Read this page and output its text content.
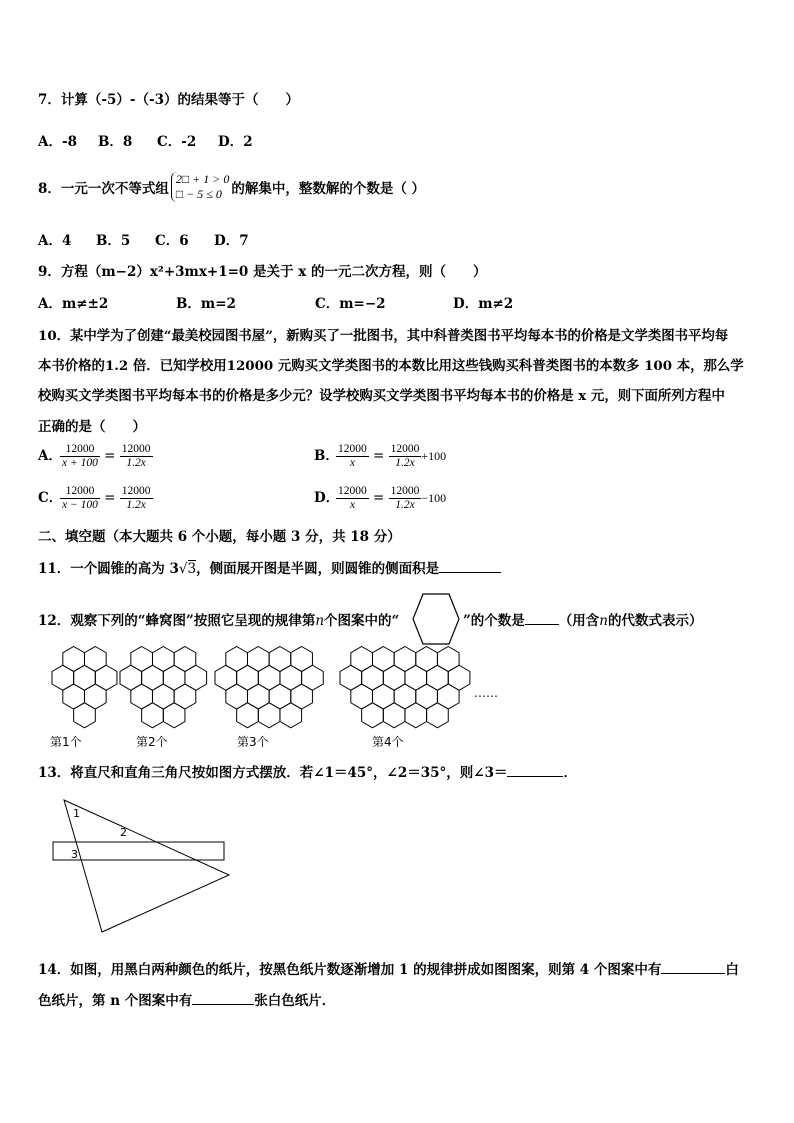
7．计算（-5）-（-3）的结果等于（　　）
A．-8 B．8 C．-2 D．2
8．一元一次不等式组
2□ + 1 > 0
□ − 5 ≤ 0 的解集中，整数解的个数是（ ）
A．4 B．5 C．6 D．7
9．方程（m−2）x²+3mx+1=0 是关于 x 的一元二次方程，则（　　）
A．m≠±2	B．m=2	C．m=−2	D．m≠2
10．某中学为了创建“最美校园图书屋”，新购买了一批图书，其中科普类图书平均每本书的价格是文学类图书平均每
本书价格的1.2 倍．已知学校用12000 元购买文学类图书的本数比用这些钱购买科普类图书的本数多 100 本，那么学
校购买文学类图书平均每本书的价格是多少元？设学校购买文学类图书平均每本书的价格是 x 元，则下面所列方程中
正确的是（　　）
A．
$\frac{12000}{x + 100} = \frac{12000}{1.2x}$	B．
$\frac{12000}{x} = \frac{12000}{1.2x} +100$
C．
$\frac{12000}{x - 100} = \frac{12000}{1.2x}$	D．
$\frac{12000}{x} = \frac{12000}{1.2x} -100$
二、填空题（本大题共 6 个小题，每小题 3 分，共 18 分）
11．一个圆锥的高为 3√3，侧面展开图是半圆，则圆锥的侧面积是
12．观察下列的“蜂窝图”按照它呈现的规律第n个图案中的“	”的个数是	（用含n的代数式表示）
第1个	第2个	第3个	第4个
……
13．将直尺和直角三角尺按如图方式摆放．若∠1＝45°，∠2＝35°，则∠3＝	．
1
2
3
14．如图，用黑白两种颜色的纸片，按黑色纸片数逐渐增加 1 的规律拼成如图图案，则第 4 个图案中有	白
色纸片，第 n 个图案中有	张白色纸片．
